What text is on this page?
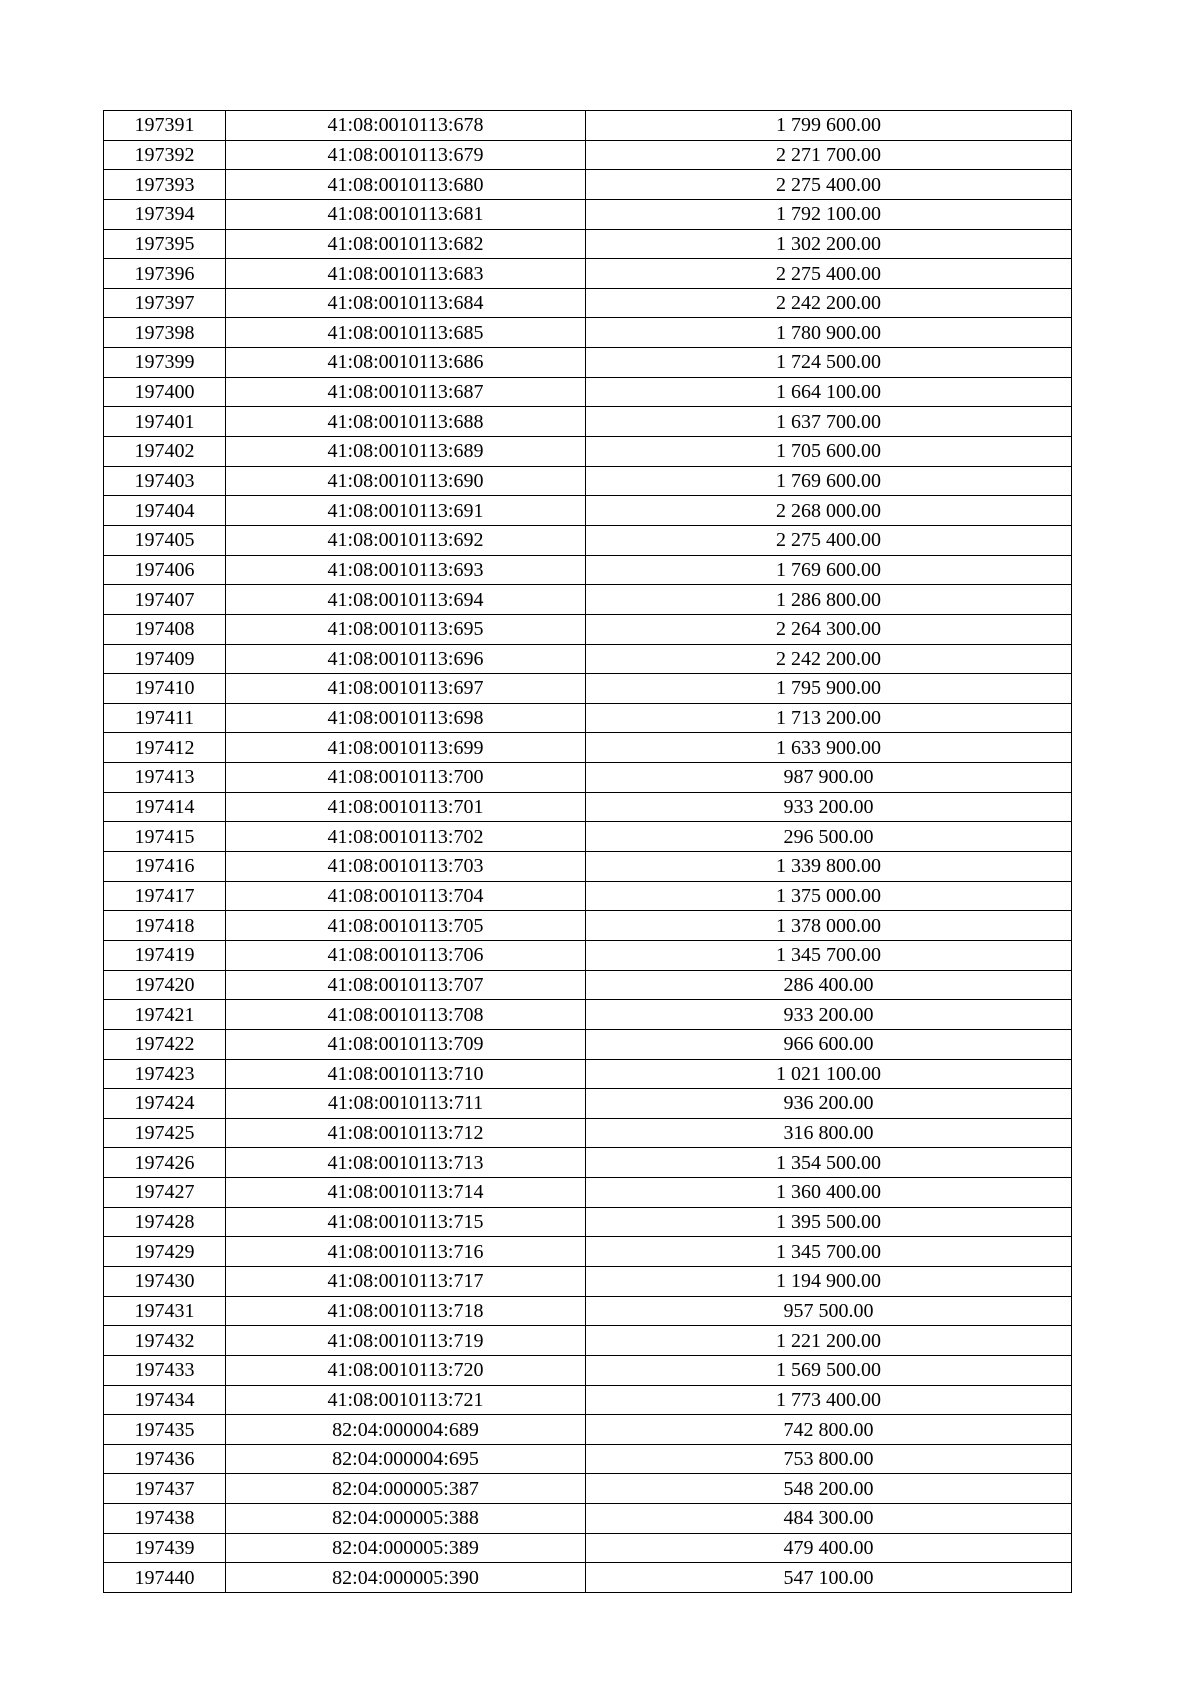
197391	41:08:0010113:678	1 799 600.00
197392	41:08:0010113:679	2 271 700.00
197393	41:08:0010113:680	2 275 400.00
197394	41:08:0010113:681	1 792 100.00
197395	41:08:0010113:682	1 302 200.00
197396	41:08:0010113:683	2 275 400.00
197397	41:08:0010113:684	2 242 200.00
197398	41:08:0010113:685	1 780 900.00
197399	41:08:0010113:686	1 724 500.00
197400	41:08:0010113:687	1 664 100.00
197401	41:08:0010113:688	1 637 700.00
197402	41:08:0010113:689	1 705 600.00
197403	41:08:0010113:690	1 769 600.00
197404	41:08:0010113:691	2 268 000.00
197405	41:08:0010113:692	2 275 400.00
197406	41:08:0010113:693	1 769 600.00
197407	41:08:0010113:694	1 286 800.00
197408	41:08:0010113:695	2 264 300.00
197409	41:08:0010113:696	2 242 200.00
197410	41:08:0010113:697	1 795 900.00
197411	41:08:0010113:698	1 713 200.00
197412	41:08:0010113:699	1 633 900.00
197413	41:08:0010113:700	987 900.00
197414	41:08:0010113:701	933 200.00
197415	41:08:0010113:702	296 500.00
197416	41:08:0010113:703	1 339 800.00
197417	41:08:0010113:704	1 375 000.00
197418	41:08:0010113:705	1 378 000.00
197419	41:08:0010113:706	1 345 700.00
197420	41:08:0010113:707	286 400.00
197421	41:08:0010113:708	933 200.00
197422	41:08:0010113:709	966 600.00
197423	41:08:0010113:710	1 021 100.00
197424	41:08:0010113:711	936 200.00
197425	41:08:0010113:712	316 800.00
197426	41:08:0010113:713	1 354 500.00
197427	41:08:0010113:714	1 360 400.00
197428	41:08:0010113:715	1 395 500.00
197429	41:08:0010113:716	1 345 700.00
197430	41:08:0010113:717	1 194 900.00
197431	41:08:0010113:718	957 500.00
197432	41:08:0010113:719	1 221 200.00
197433	41:08:0010113:720	1 569 500.00
197434	41:08:0010113:721	1 773 400.00
197435	82:04:000004:689	742 800.00
197436	82:04:000004:695	753 800.00
197437	82:04:000005:387	548 200.00
197438	82:04:000005:388	484 300.00
197439	82:04:000005:389	479 400.00
197440	82:04:000005:390	547 100.00
